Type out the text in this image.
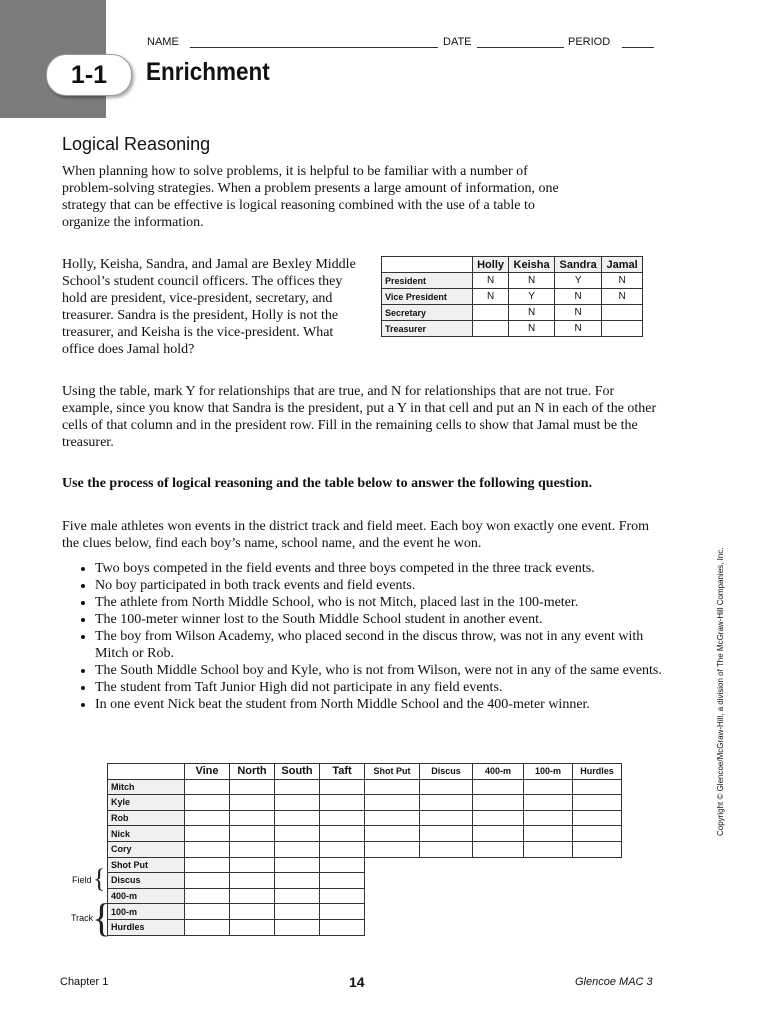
1-1	Enrichment
NAME	DATE	PERIOD
Logical Reasoning

When planning how to solve problems, it is helpful to be familiar with a number of problem-solving strategies. When a problem presents a large amount of information, one strategy that can be effective is logical reasoning combined with the use of a table to organize the information.

Holly, Keisha, Sandra, and Jamal are Bexley Middle School’s student council officers. The offices they hold are president, vice-president, secretary, and treasurer. Sandra is the president, Holly is not the treasurer, and Keisha is the vice-president. What office does Jamal hold?

	Holly	Keisha	Sandra	Jamal
President	N	N	Y	N
Vice President	N	Y	N	N
Secretary		N	N	
Treasurer		N	N	

Using the table, mark Y for relationships that are true, and N for relationships that are not true. For example, since you know that Sandra is the president, put a Y in that cell and put an N in each of the other cells of that column and in the president row. Fill in the remaining cells to show that Jamal must be the treasurer.

Use the process of logical reasoning and the table below to answer the following question.

Five male athletes won events in the district track and field meet. Each boy won exactly one event. From the clues below, find each boy’s name, school name, and the event he won.

• Two boys competed in the field events and three boys competed in the three track events.
• No boy participated in both track events and field events.
• The athlete from North Middle School, who is not Mitch, placed last in the 100-meter.
• The 100-meter winner lost to the South Middle School student in another event.
• The boy from Wilson Academy, who placed second in the discus throw, was not in any event with Mitch or Rob.
• The South Middle School boy and Kyle, who is not from Wilson, were not in any of the same events.
• The student from Taft Junior High did not participate in any field events.
• In one event Nick beat the student from North Middle School and the 400-meter winner.
	Vine	North	South	Taft	Shot Put	Discus	400-m	100-m	Hurdles
Mitch									
Kyle									
Rob									
Nick									
Cory									
Shot Put									
Discus									
400-m									
100-m									
Hurdles									
Field {
Track
{
Copyright © Glencoe/McGraw-Hill, a division of The McGraw-Hill Companies, Inc.
Chapter 1	14	Glencoe MAC 3
